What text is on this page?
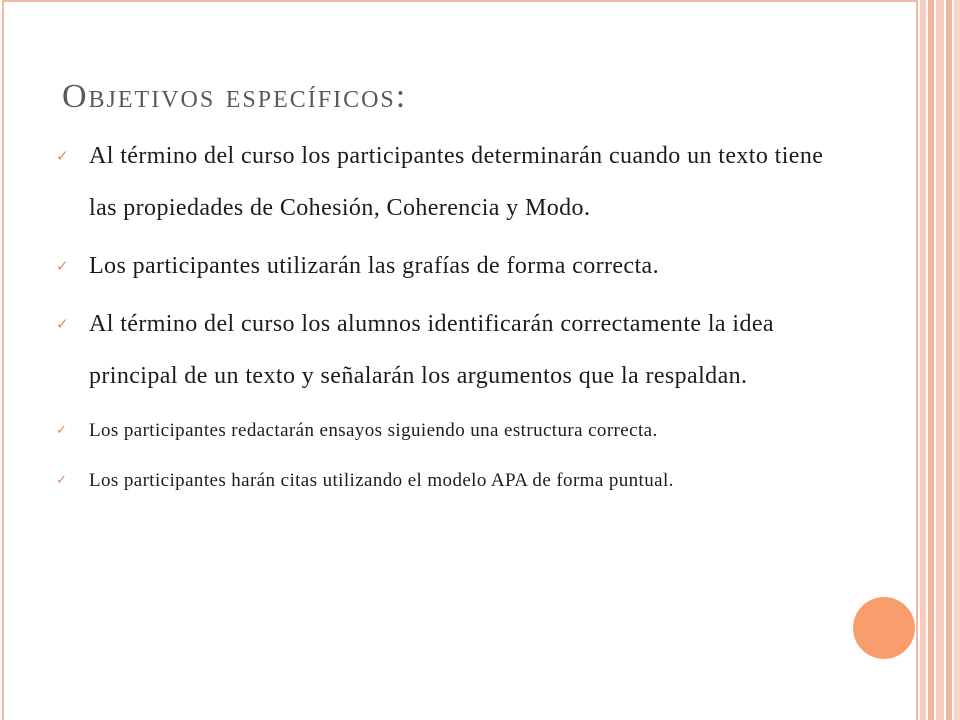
Objetivos específicos:
✓ Al término del curso los participantes determinarán cuando un texto tiene las propiedades de Cohesión, Coherencia y Modo.
✓ Los participantes utilizarán las grafías de forma correcta.
✓ Al término del curso los alumnos identificarán correctamente la idea principal de un texto y señalarán los argumentos que la respaldan.
✓ Los participantes redactarán ensayos siguiendo una estructura correcta.
✓ Los participantes harán citas utilizando el modelo APA de forma puntual.
